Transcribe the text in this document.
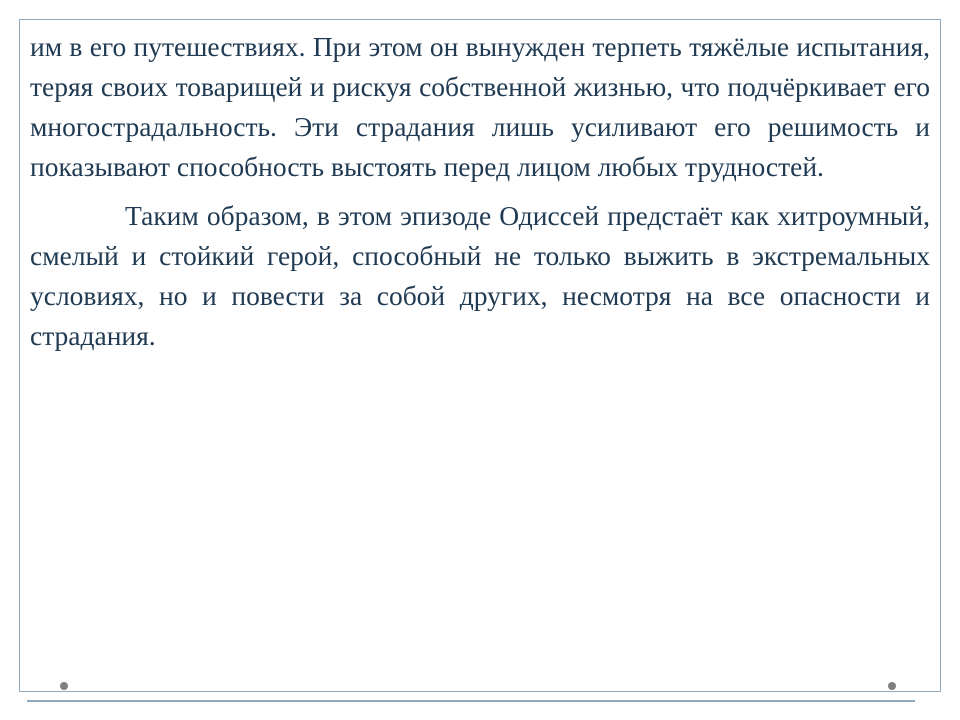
им в его путешествиях. При этом он вынужден терпеть тяжёлые испытания, теряя своих товарищей и рискуя собственной жизнью, что подчёркивает его многострадальность. Эти страдания лишь усиливают его решимость и показывают способность выстоять перед лицом любых трудностей.

Таким образом, в этом эпизоде Одиссей предстаёт как хитроумный, смелый и стойкий герой, способный не только выжить в экстремальных условиях, но и повести за собой других, несмотря на все опасности и страдания.
